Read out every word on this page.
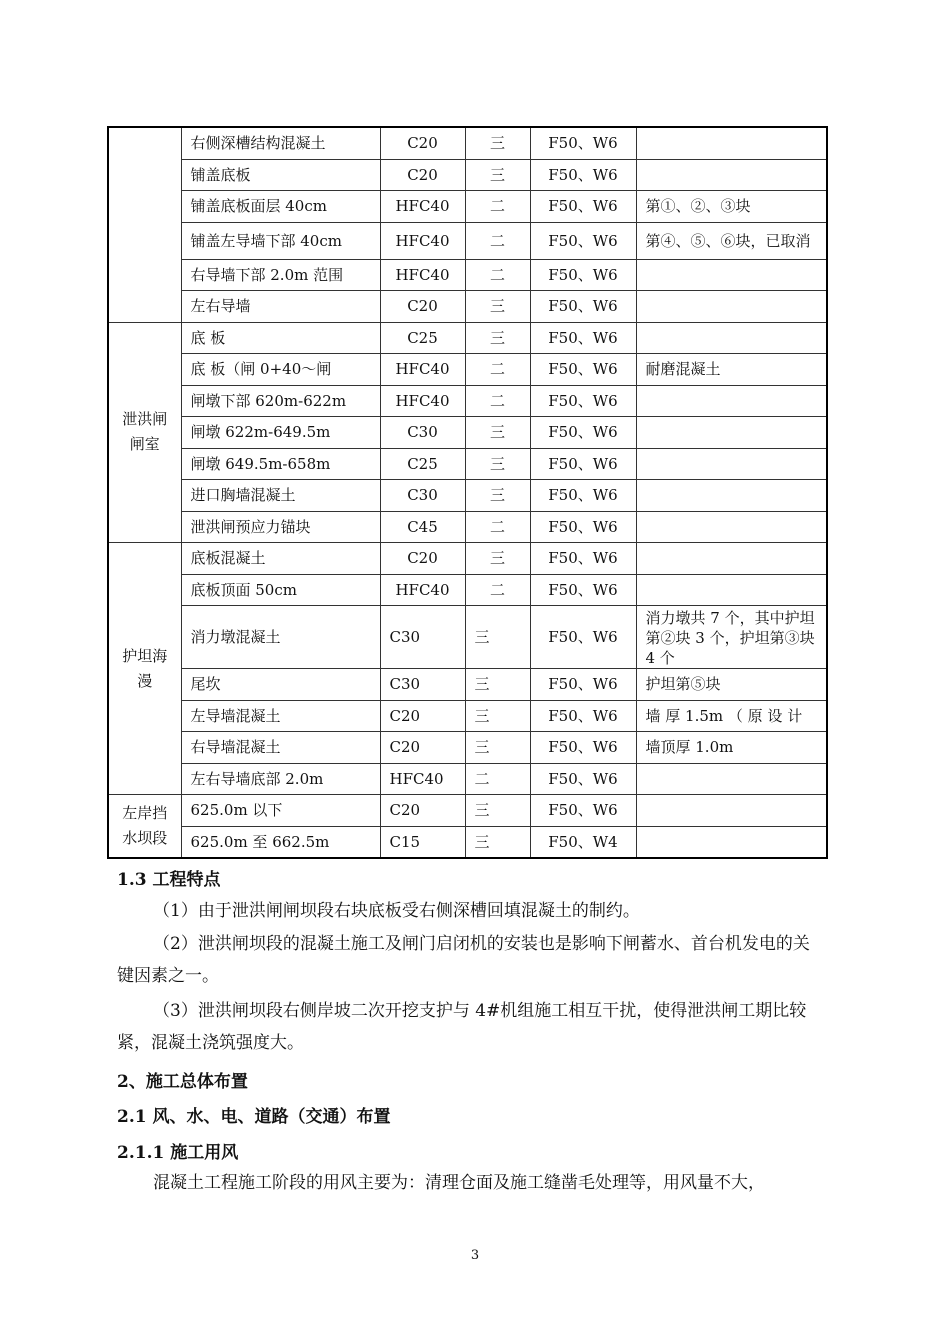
	右侧深槽结构混凝土	C20	三	F50、W6	
	铺盖底板	C20	三	F50、W6	
	铺盖底板面层 40cm	HFC40	二	F50、W6	第①、②、③块
	铺盖左导墙下部 40cm	HFC40	二	F50、W6	第④、⑤、⑥块，已取消
	右导墙下部 2.0m 范围	HFC40	二	F50、W6	
	左右导墙	C20	三	F50、W6	
泄洪闸闸室	底 板	C25	三	F50、W6	
	底 板（闸 0+40～闸	HFC40	二	F50、W6	耐磨混凝土
	闸墩下部 620m-622m	HFC40	二	F50、W6	
	闸墩 622m-649.5m	C30	三	F50、W6	
	闸墩 649.5m-658m	C25	三	F50、W6	
	进口胸墙混凝土	C30	三	F50、W6	
	泄洪闸预应力锚块	C45	二	F50、W6	
护坦海漫	底板混凝土	C20	三	F50、W6	
	底板顶面 50cm	HFC40	二	F50、W6	
	消力墩混凝土	C30	三	F50、W6	消力墩共 7 个，其中护坦第②块 3 个，护坦第③块 4 个
	尾坎	C30	三	F50、W6	护坦第⑤块
	左导墙混凝土	C20	三	F50、W6	墙 厚 1.5m （ 原 设 计
	右导墙混凝土	C20	三	F50、W6	墙顶厚 1.0m
	左右导墙底部 2.0m	HFC40	二	F50、W6	
左岸挡水坝段	625.0m 以下	C20	三	F50、W6	
	625.0m 至 662.5m	C15	三	F50、W4	

1.3 工程特点

（1）由于泄洪闸闸坝段右块底板受右侧深槽回填混凝土的制约。

（2）泄洪闸坝段的混凝土施工及闸门启闭机的安装也是影响下闸蓄水、首台机发电的关键因素之一。

（3）泄洪闸坝段右侧岸坡二次开挖支护与 4#机组施工相互干扰，使得泄洪闸工期比较紧，混凝土浇筑强度大。

2、施工总体布置

2.1 风、水、电、道路（交通）布置

2.1.1 施工用风

混凝土工程施工阶段的用风主要为：清理仓面及施工缝凿毛处理等，用风量不大，

3
